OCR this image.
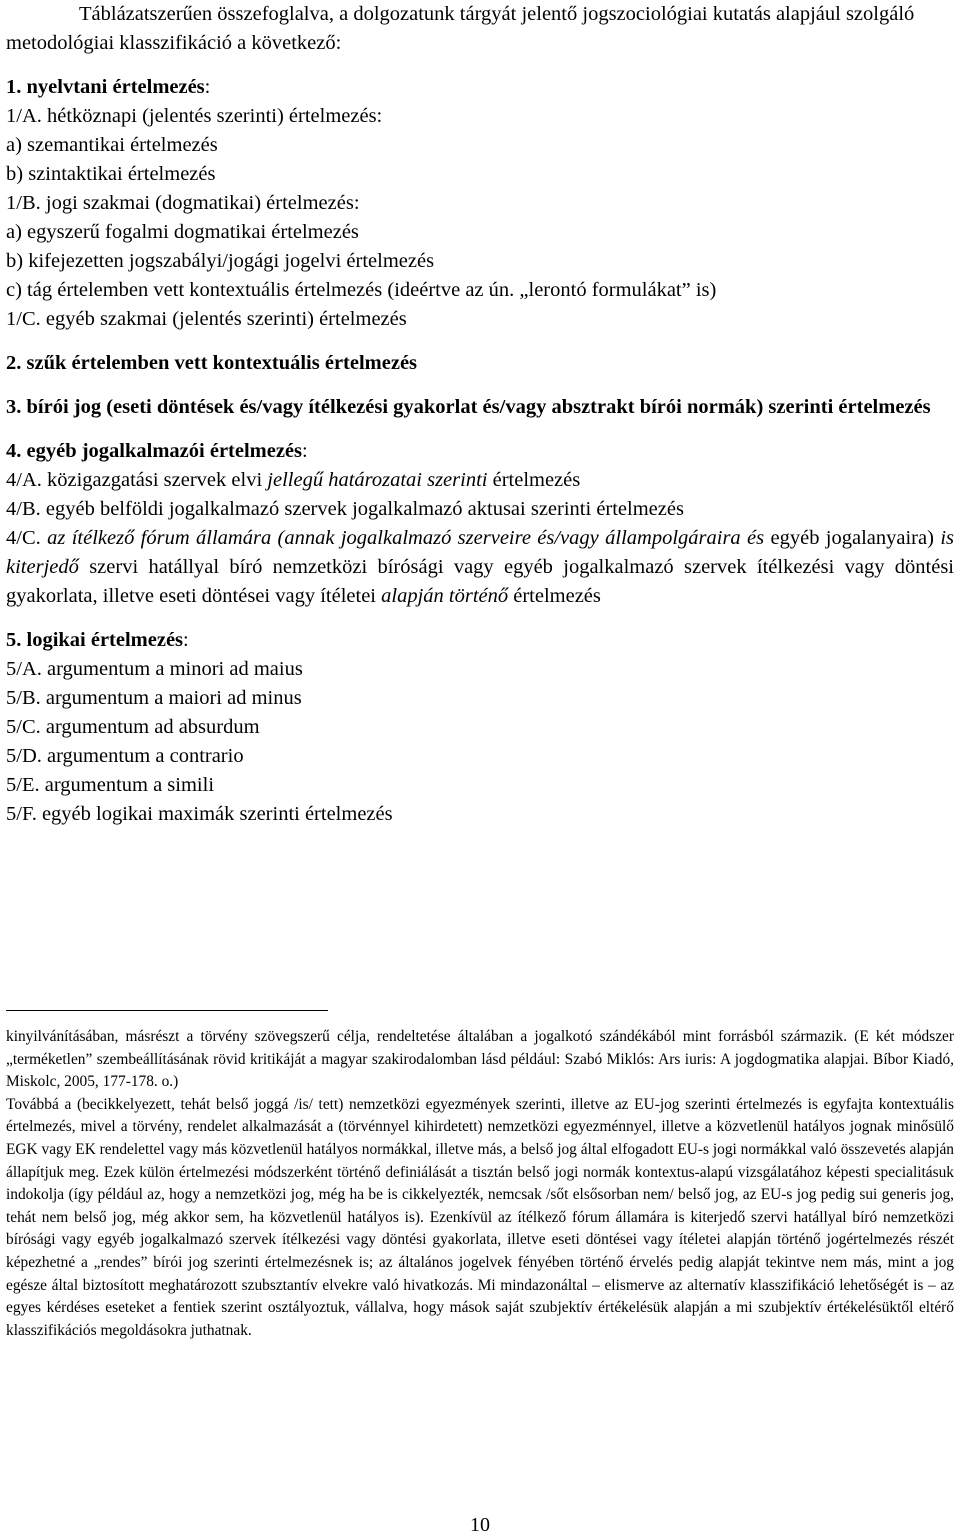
Táblázatszerűen összefoglalva, a dolgozatunk tárgyát jelentő jogszociológiai kutatás alapjául szolgáló metodológiai klasszifikáció a következő:

1. nyelvtani értelmezés:

1/A. hétköznapi (jelentés szerinti) értelmezés:

a) szemantikai értelmezés

b) szintaktikai értelmezés

1/B. jogi szakmai (dogmatikai) értelmezés:

a) egyszerű fogalmi dogmatikai értelmezés

b) kifejezetten jogszabályi/jogági jogelvi értelmezés

c) tág értelemben vett kontextuális értelmezés (ideértve az ún. „lerontó formulákat” is)

1/C. egyéb szakmai (jelentés szerinti) értelmezés

2. szűk értelemben vett kontextuális értelmezés

3. bírói jog (eseti döntések és/vagy ítélkezési gyakorlat és/vagy absztrakt bírói normák) szerinti értelmezés

4. egyéb jogalkalmazói értelmezés:

4/A. közigazgatási szervek elvi jellegű határozatai szerinti értelmezés

4/B. egyéb belföldi jogalkalmazó szervek jogalkalmazó aktusai szerinti értelmezés

4/C. az ítélkező fórum államára (annak jogalkalmazó szerveire és/vagy állampolgáraira és egyéb jogalanyaira) is kiterjedő szervi hatállyal bíró nemzetközi bírósági vagy egyéb jogalkalmazó szervek ítélkezési vagy döntési gyakorlata, illetve eseti döntései vagy ítéletei alapján történő értelmezés

5. logikai értelmezés:

5/A. argumentum a minori ad maius

5/B. argumentum a maiori ad minus

5/C. argumentum ad absurdum

5/D. argumentum a contrario

5/E. argumentum a simili

5/F. egyéb logikai maximák szerinti értelmezés

kinyilvánításában, másrészt a törvény szövegszerű célja, rendeltetése általában a jogalkotó szándékából mint forrásból származik. (E két módszer „terméketlen” szembeállításának rövid kritikáját a magyar szakirodalomban lásd például: Szabó Miklós: Ars iuris: A jogdogmatika alapjai. Bíbor Kiadó, Miskolc, 2005, 177-178. o.)

Továbbá a (becikkelyezett, tehát belső joggá /is/ tett) nemzetközi egyezmények szerinti, illetve az EU-jog szerinti értelmezés is egyfajta kontextuális értelmezés, mivel a törvény, rendelet alkalmazását a (törvénnyel kihirdetett) nemzetközi egyezménnyel, illetve a közvetlenül hatályos jognak minősülő EGK vagy EK rendelettel vagy más közvetlenül hatályos normákkal, illetve más, a belső jog által elfogadott EU-s jogi normákkal való összevetés alapján állapítjuk meg. Ezek külön értelmezési módszerként történő definiálását a tisztán belső jogi normák kontextus-alapú vizsgálatához képesti specialitásuk indokolja (így például az, hogy a nemzetközi jog, még ha be is cikkelyezték, nemcsak /sőt elsősorban nem/ belső jog, az EU-s jog pedig sui generis jog, tehát nem belső jog, még akkor sem, ha közvetlenül hatályos is). Ezenkívül az ítélkező fórum államára is kiterjedő szervi hatállyal bíró nemzetközi bírósági vagy egyéb jogalkalmazó szervek ítélkezési vagy döntési gyakorlata, illetve eseti döntései vagy ítéletei alapján történő jogértelmezés részét képezhetné a „rendes” bírói jog szerinti értelmezésnek is; az általános jogelvek fényében történő érvelés pedig alapját tekintve nem más, mint a jog egésze által biztosított meghatározott szubsztantív elvekre való hivatkozás. Mi mindazonáltal – elismerve az alternatív klasszifikáció lehetőségét is – az egyes kérdéses eseteket a fentiek szerint osztályoztuk, vállalva, hogy mások saját szubjektív értékelésük alapján a mi szubjektív értékelésüktől eltérő klasszifikációs megoldásokra juthatnak.

10
